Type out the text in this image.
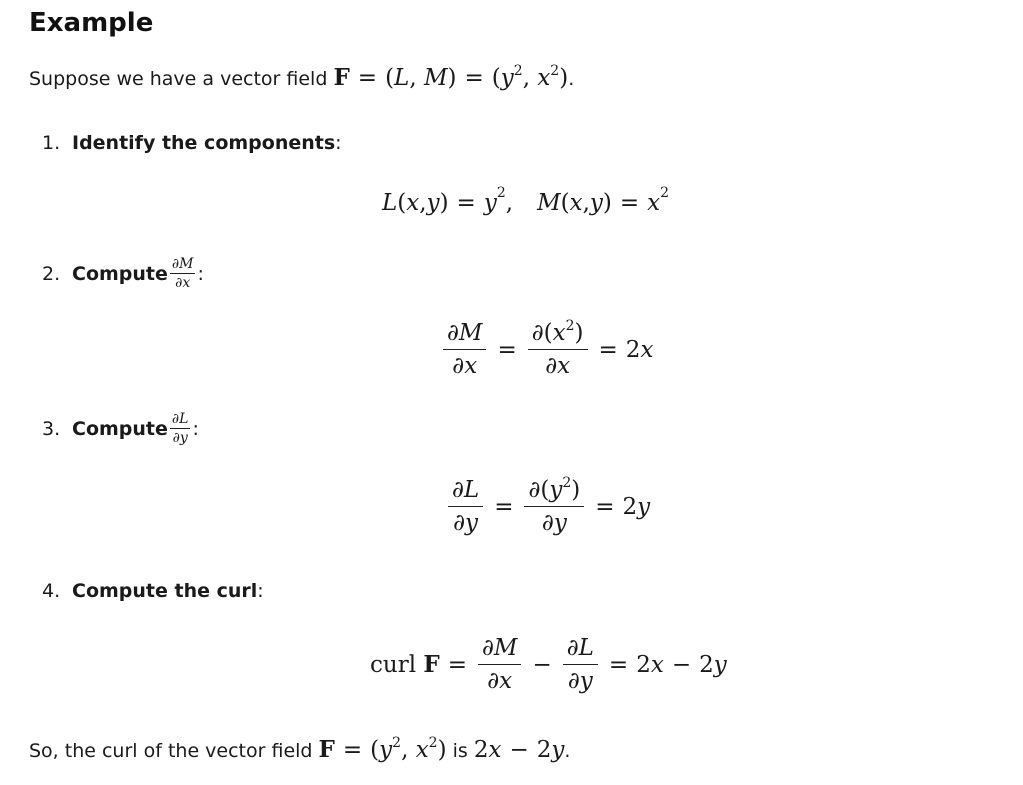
Example
Suppose we have a vector field F = (L, $M) = (y^2$, $x^2$).
1. Identify the components:
L ( x , y ) = y 2 , M ( x , y ) = x 2
2. Compute $\frac{\partial M}{\partial x}$ :
$\frac{\partial M}{\partial x} = \frac{\partial(x^2)}{\partial x} = 2$ x
3. Compute $\frac{\partial L}{\partial y}$ :
$\frac{\partial L}{\partial y} = \frac{\partial(y^2)}{\partial y} = 2$ y
4. Compute the curl:
curl $F = \frac{\partial M}{\partial x} - \frac{\partial L}{\partial y} = 2$ x − 2 y
So, the curl of the vector field $F = (y^2$, $x^2$) is 2x − 2y.
